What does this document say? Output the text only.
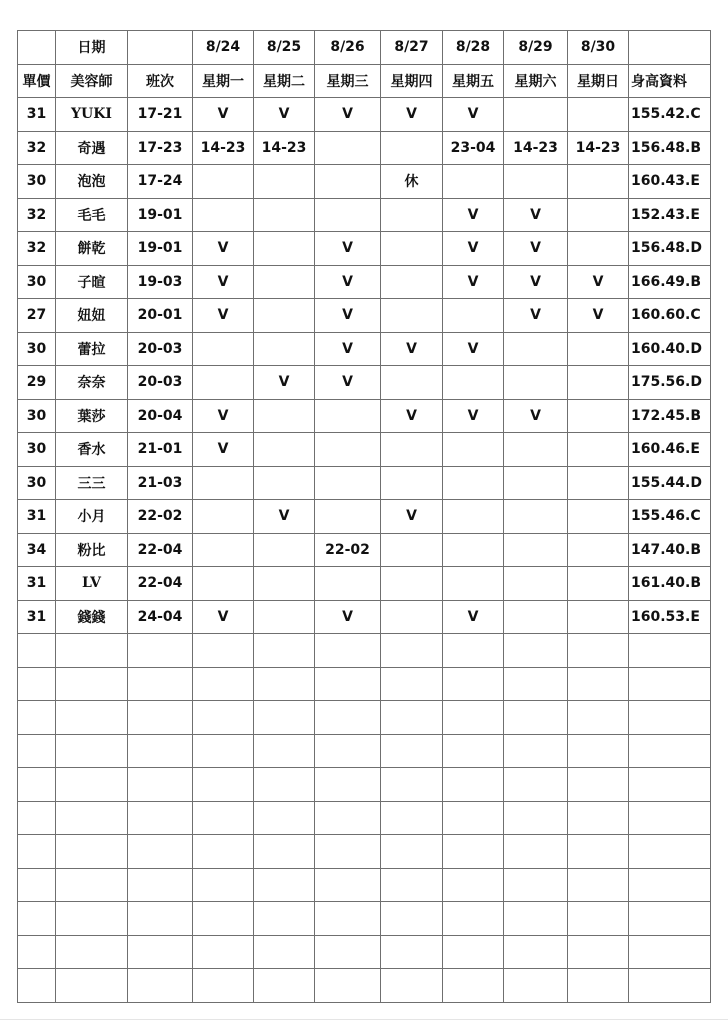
	日期		8/24	8/25	8/26	8/27	8/28	8/29	8/30	
單價	美容師	班次	星期一	星期二	星期三	星期四	星期五	星期六	星期日	身高資料
31	YUKI	17-21	V	V	V	V	V			155.42.C
32	奇遇	17-23	14-23	14-23			23-04	14-23	14-23	156.48.B
30	泡泡	17-24				休				160.43.E
32	毛毛	19-01					V	V		152.43.E
32	餅乾	19-01	V		V		V	V		156.48.D
30	子暄	19-03	V		V		V	V	V	166.49.B
27	妞妞	20-01	V		V			V	V	160.60.C
30	蕾拉	20-03			V	V	V			160.40.D
29	奈奈	20-03		V	V					175.56.D
30	葉莎	20-04	V			V	V	V		172.45.B
30	香水	21-01	V							160.46.E
30	三三	21-03								155.44.D
31	小月	22-02		V		V				155.46.C
34	粉比	22-04			22-02					147.40.B
31	LV	22-04								161.40.B
31	錢錢	24-04	V		V		V			160.53.E
